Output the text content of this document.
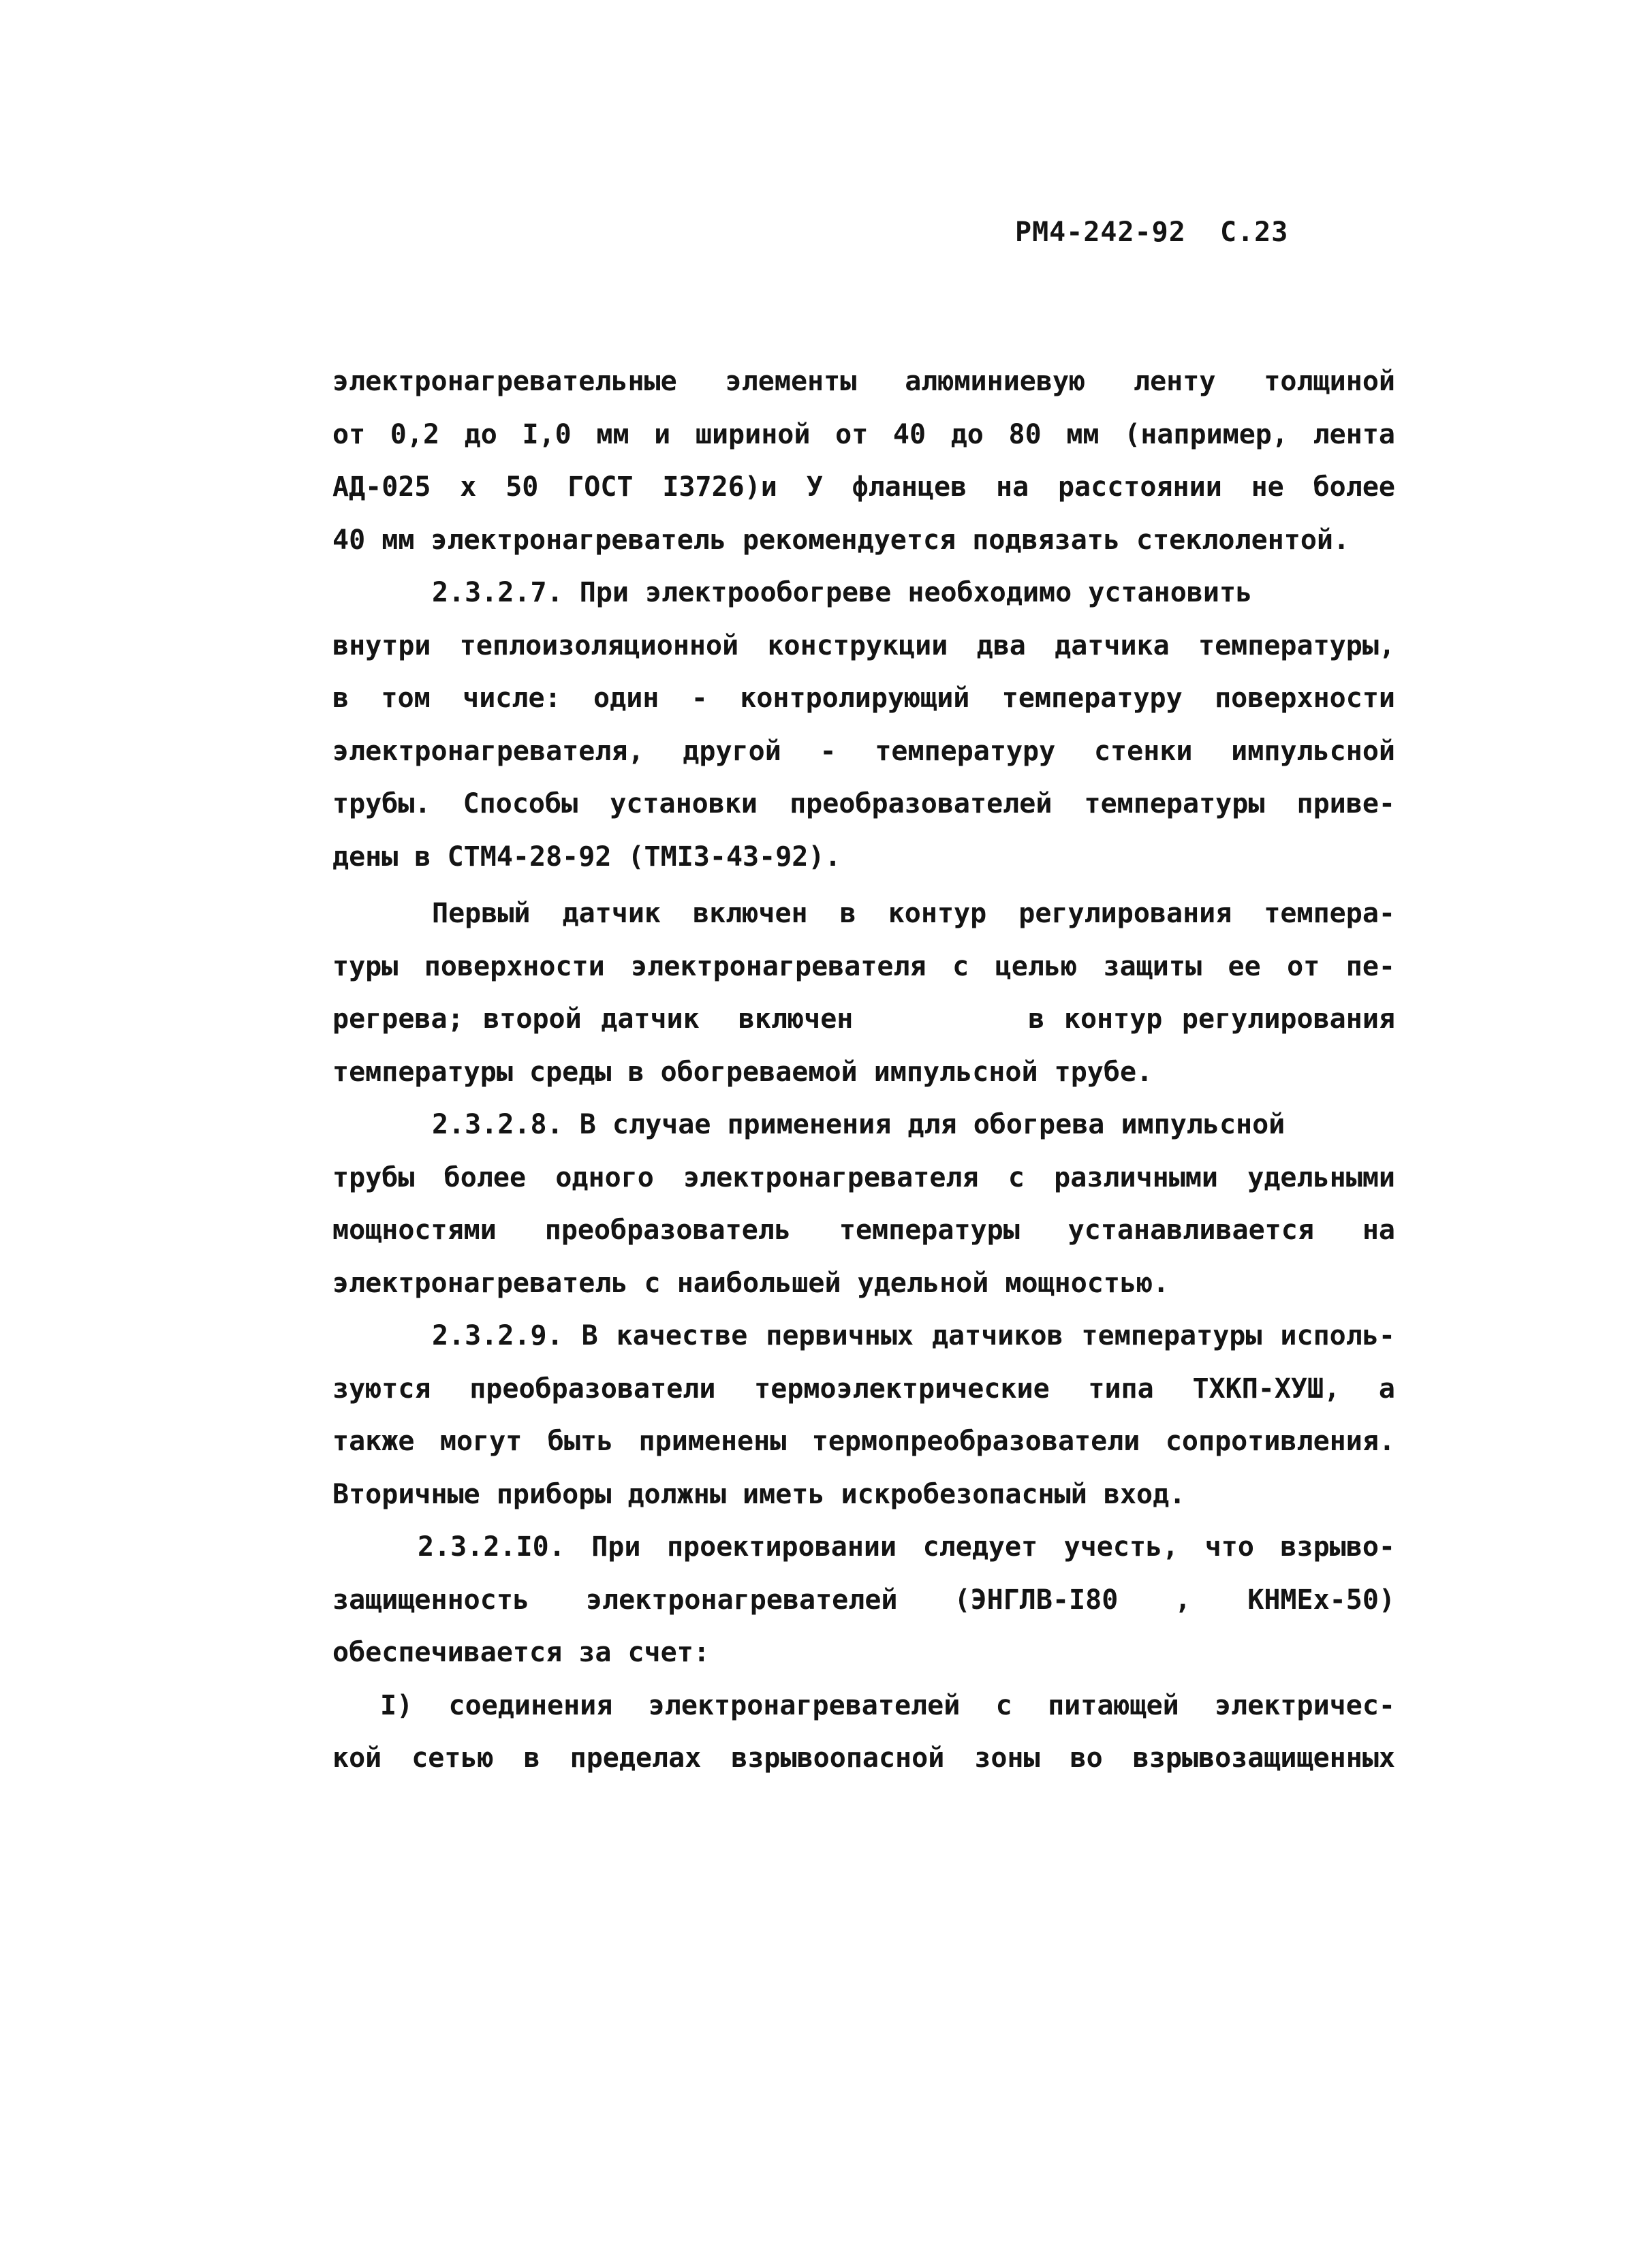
РМ4-242-92  С.23
электронагревательные элементы алюминиевую ленту толщиной
от 0,2 до I,0 мм и шириной от 40 до 80 мм (например, лента
АД-025 х 50 ГОСТ I3726)и У фланцев на расстоянии не более
40 мм электронагреватель рекомендуется подвязать стеклолентой.
2.3.2.7. При электрообогреве необходимо установить
внутри теплоизоляционной конструкции два датчика температуры,
в том числе: один - контролирующий температуру поверхности
электронагревателя, другой - температуру стенки импульсной
трубы. Способы установки преобразователей температуры приве-
дены в СТМ4-28-92 (ТМI3-43-92).
Первый датчик включен в контур регулирования темпера-
туры поверхности электронагревателя с целью защиты ее от пе-
регрева; второй датчик  включен         в контур регулирования
температуры среды в обогреваемой импульсной трубе.
2.3.2.8. В случае применения для обогрева импульсной
трубы более одного электронагревателя с различными удельными
мощностями преобразователь температуры устанавливается на
электронагреватель с наибольшей удельной мощностью.
2.3.2.9. В качестве первичных датчиков температуры исполь-
зуются преобразователи термоэлектрические типа ТХКП-ХУШ, а
также могут быть применены термопреобразователи сопротивления.
Вторичные приборы должны иметь искробезопасный вход.
2.3.2.I0. При проектировании следует учесть, что взрыво-
защищенность электронагревателей (ЭНГЛВ-I80 , КНМЕх-50)
обеспечивается за счет:
I) соединения электронагревателей с питающей электричес-
кой сетью в пределах взрывоопасной зоны во взрывозащищенных
